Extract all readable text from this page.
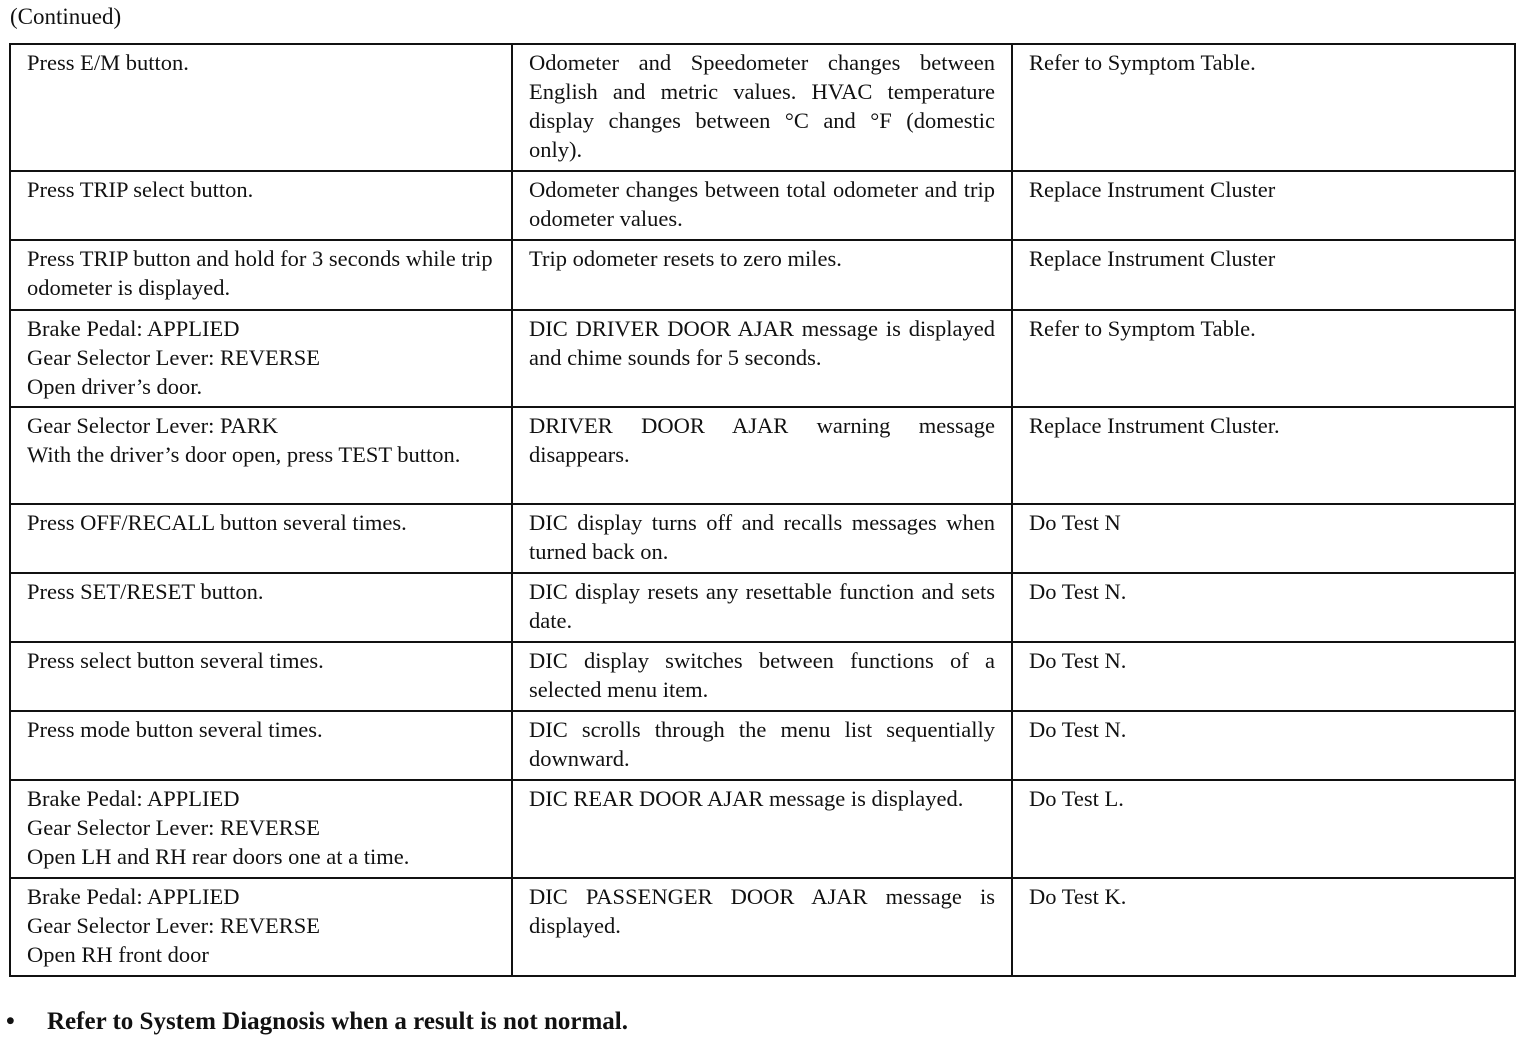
(Continued)
Press E/M button.	Odometer and Speedometer changes between English and metric values. HVAC temperature display changes between °C and °F (domestic only).	Refer to Symptom Table.
Press TRIP select button.	Odometer changes between total odometer and trip odometer values.	Replace Instrument Cluster
Press TRIP button and hold for 3 seconds while trip odometer is displayed.	Trip odometer resets to zero miles.	Replace Instrument Cluster
Brake Pedal: APPLIED
Gear Selector Lever: REVERSE
Open driver’s door.	DIC DRIVER DOOR AJAR message is displayed and chime sounds for 5 seconds.	Refer to Symptom Table.
Gear Selector Lever: PARK
With the driver’s door open, press TEST button.	DRIVER DOOR AJAR warning message disappears.	Replace Instrument Cluster.
Press OFF/RECALL button several times.	DIC display turns off and recalls messages when turned back on.	Do Test N
Press SET/RESET button.	DIC display resets any resettable function and sets date.	Do Test N.
Press select button several times.	DIC display switches between functions of a selected menu item.	Do Test N.
Press mode button several times.	DIC scrolls through the menu list sequentially downward.	Do Test N.
Brake Pedal: APPLIED
Gear Selector Lever: REVERSE
Open LH and RH rear doors one at a time.	DIC REAR DOOR AJAR message is displayed.	Do Test L.
Brake Pedal: APPLIED
Gear Selector Lever: REVERSE
Open RH front door	DIC PASSENGER DOOR AJAR message is displayed.	Do Test K.
• Refer to System Diagnosis when a result is not normal.
